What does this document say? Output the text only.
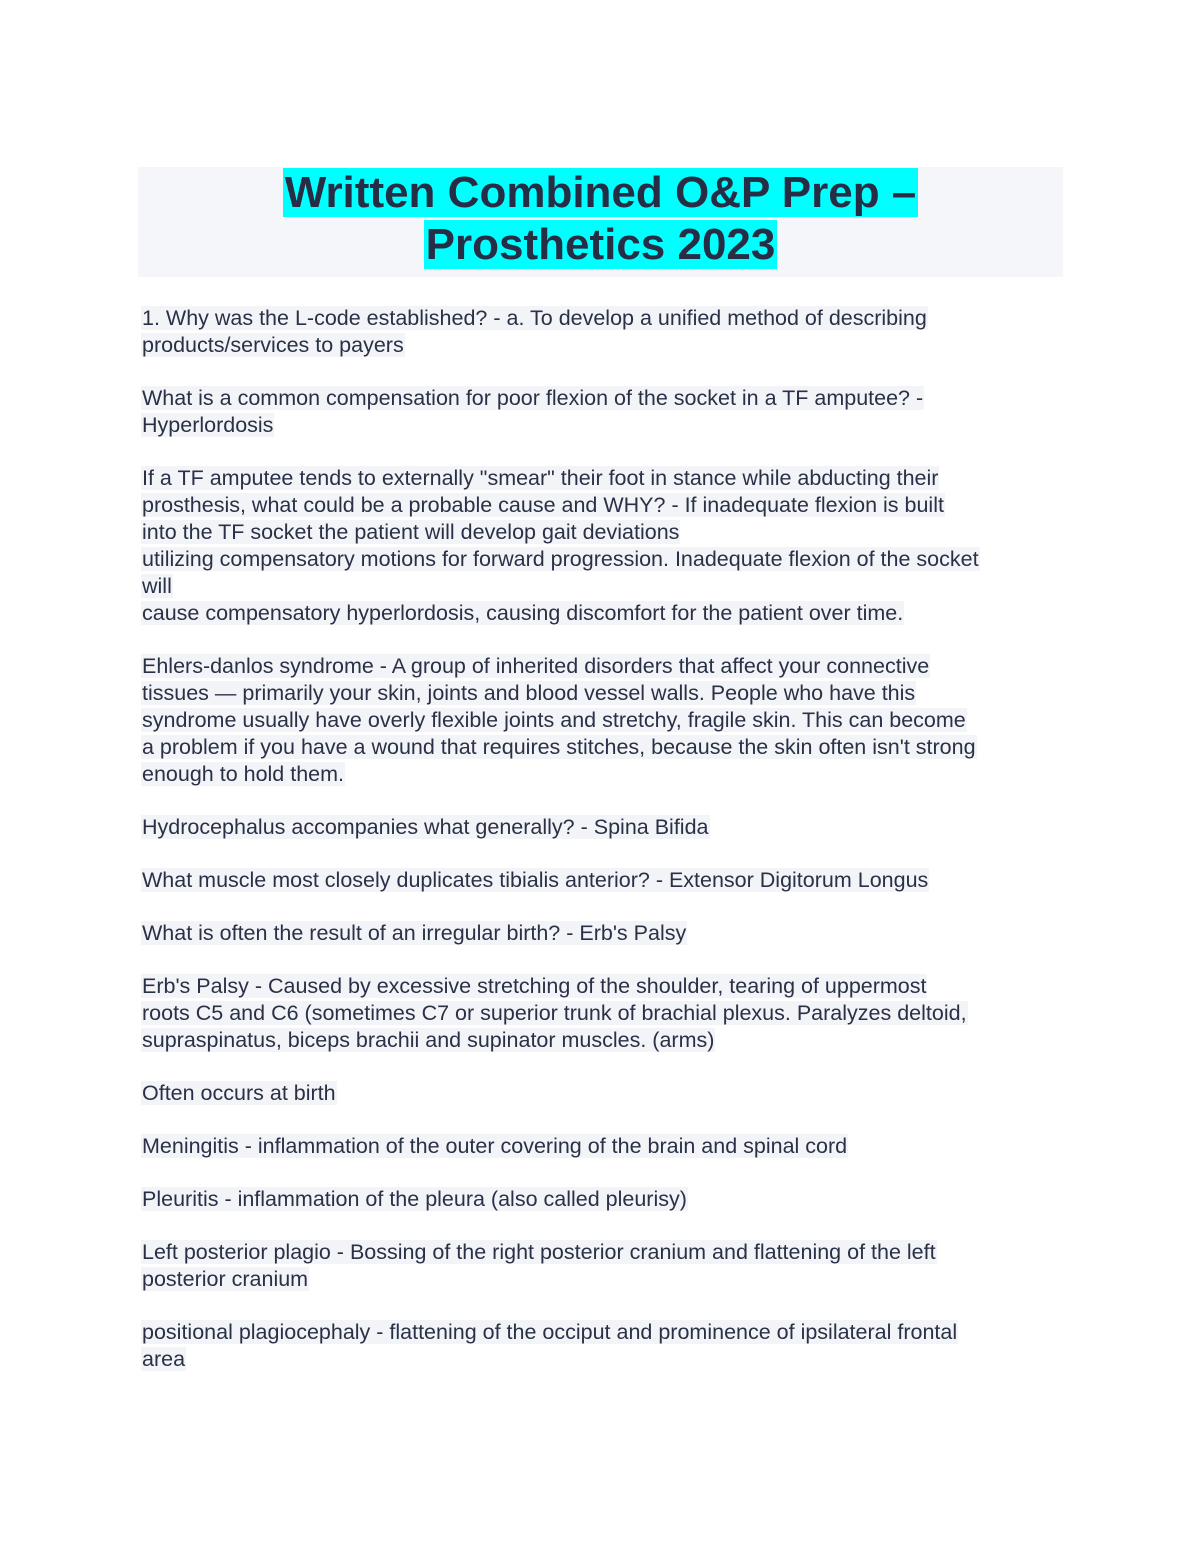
Written Combined O&P Prep –
Prosthetics 2023
1. Why was the L-code established? - a. To develop a unified method of describing
products/services to payers
What is a common compensation for poor flexion of the socket in a TF amputee? -
Hyperlordosis
If a TF amputee tends to externally "smear" their foot in stance while abducting their
prosthesis, what could be a probable cause and WHY? - If inadequate flexion is built
into the TF socket the patient will develop gait deviations
utilizing compensatory motions for forward progression. Inadequate flexion of the socket
will
cause compensatory hyperlordosis, causing discomfort for the patient over time.
Ehlers-danlos syndrome - A group of inherited disorders that affect your connective
tissues — primarily your skin, joints and blood vessel walls. People who have this
syndrome usually have overly flexible joints and stretchy, fragile skin. This can become
a problem if you have a wound that requires stitches, because the skin often isn't strong
enough to hold them.
Hydrocephalus accompanies what generally? - Spina Bifida
What muscle most closely duplicates tibialis anterior? - Extensor Digitorum Longus
What is often the result of an irregular birth? - Erb's Palsy
Erb's Palsy - Caused by excessive stretching of the shoulder, tearing of uppermost
roots C5 and C6 (sometimes C7 or superior trunk of brachial plexus. Paralyzes deltoid,
supraspinatus, biceps brachii and supinator muscles. (arms)
Often occurs at birth
Meningitis - inflammation of the outer covering of the brain and spinal cord
Pleuritis - inflammation of the pleura (also called pleurisy)
Left posterior plagio - Bossing of the right posterior cranium and flattening of the left
posterior cranium
positional plagiocephaly - flattening of the occiput and prominence of ipsilateral frontal
area
